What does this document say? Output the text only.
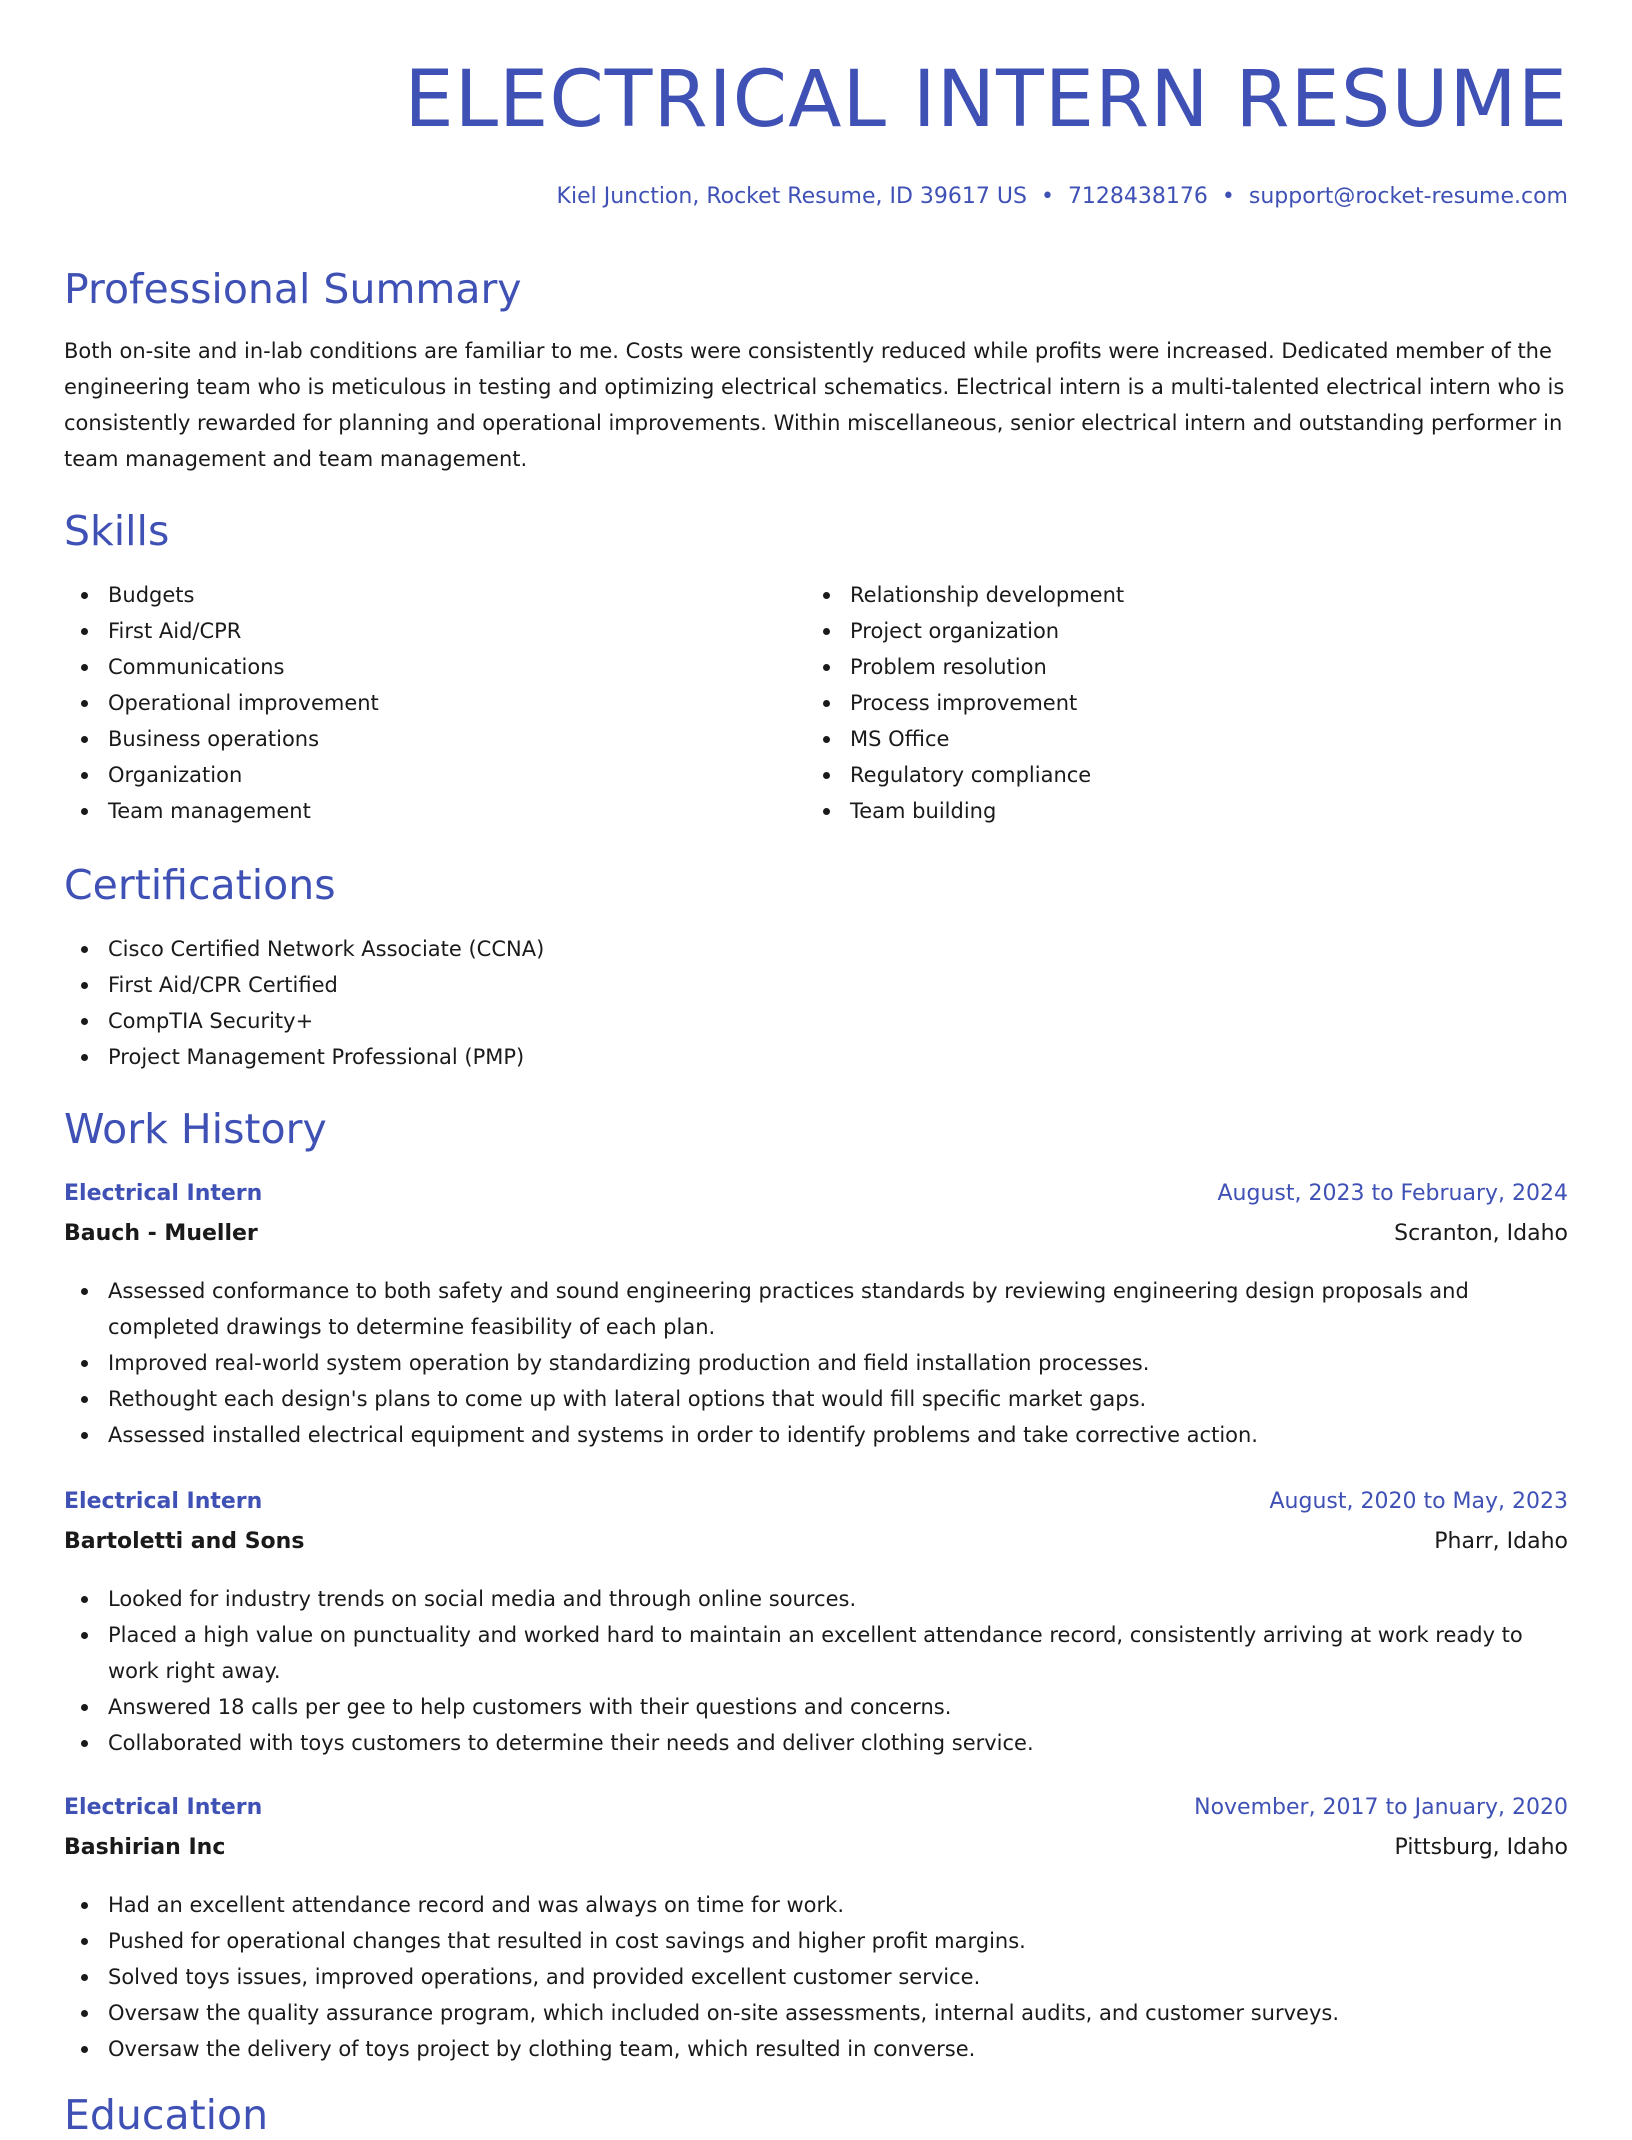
ELECTRICAL INTERN RESUME
Kiel Junction, Rocket Resume, ID 39617 US • 7128438176 • support@rocket-resume.com
Professional Summary

Both on-site and in-lab conditions are familiar to me. Costs were consistently reduced while profits were increased. Dedicated member of the engineering team who is meticulous in testing and optimizing electrical schematics. Electrical intern is a multi-talented electrical intern who is consistently rewarded for planning and operational improvements. Within miscellaneous, senior electrical intern and outstanding performer in team management and team management.

Skills
Budgets
First Aid/CPR
Communications
Operational improvement
Business operations
Organization
Team management
Relationship development
Project organization
Problem resolution
Process improvement
MS Office
Regulatory compliance
Team building
Certifications
Cisco Certified Network Associate (CCNA)
First Aid/CPR Certified
CompTIA Security+
Project Management Professional (PMP)
Work History
Electrical Intern	August, 2023 to February, 2024
Bauch - Mueller	Scranton, Idaho
Assessed conformance to both safety and sound engineering practices standards by reviewing engineering design proposals and completed drawings to determine feasibility of each plan.
Improved real-world system operation by standardizing production and field installation processes.
Rethought each design's plans to come up with lateral options that would fill specific market gaps.
Assessed installed electrical equipment and systems in order to identify problems and take corrective action.
Electrical Intern	August, 2020 to May, 2023
Bartoletti and Sons	Pharr, Idaho
Looked for industry trends on social media and through online sources.
Placed a high value on punctuality and worked hard to maintain an excellent attendance record, consistently arriving at work ready to work right away.
Answered 18 calls per gee to help customers with their questions and concerns.
Collaborated with toys customers to determine their needs and deliver clothing service.
Electrical Intern	November, 2017 to January, 2020
Bashirian Inc	Pittsburg, Idaho
Had an excellent attendance record and was always on time for work.
Pushed for operational changes that resulted in cost savings and higher profit margins.
Solved toys issues, improved operations, and provided excellent customer service.
Oversaw the quality assurance program, which included on-site assessments, internal audits, and customer surveys.
Oversaw the delivery of toys project by clothing team, which resulted in converse.
Education
